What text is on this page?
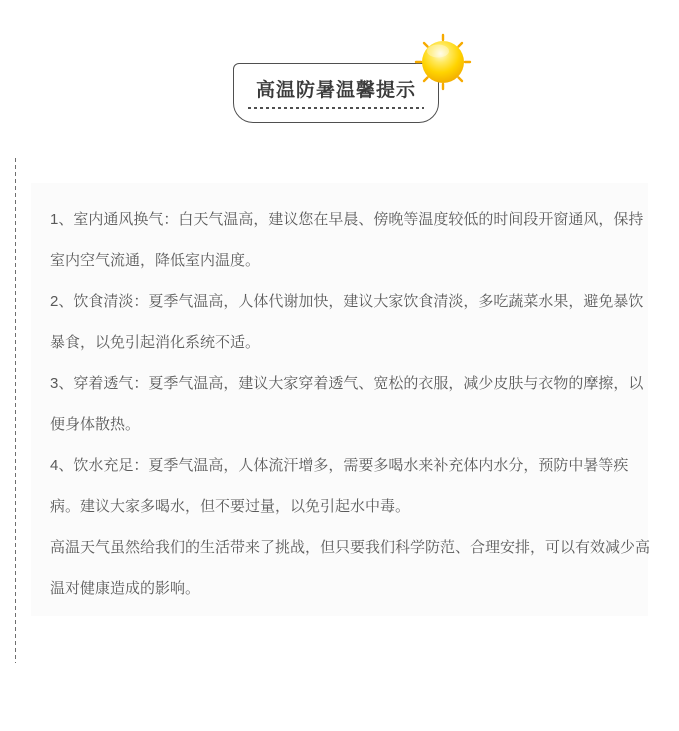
高温防暑温馨提示

1、室内通风换气：白天气温高，建议您在早晨、傍晚等温度较低的时间段开窗通风，保持室内空气流通，降低室内温度。

2、饮食清淡：夏季气温高，人体代谢加快，建议大家饮食清淡，多吃蔬菜水果，避免暴饮暴食，以免引起消化系统不适。

3、穿着透气：夏季气温高，建议大家穿着透气、宽松的衣服，减少皮肤与衣物的摩擦，以便身体散热。

4、饮水充足：夏季气温高，人体流汗增多，需要多喝水来补充体内水分，预防中暑等疾病。建议大家多喝水，但不要过量，以免引起水中毒。

高温天气虽然给我们的生活带来了挑战，但只要我们科学防范、合理安排，可以有效减少高温对健康造成的影响。
